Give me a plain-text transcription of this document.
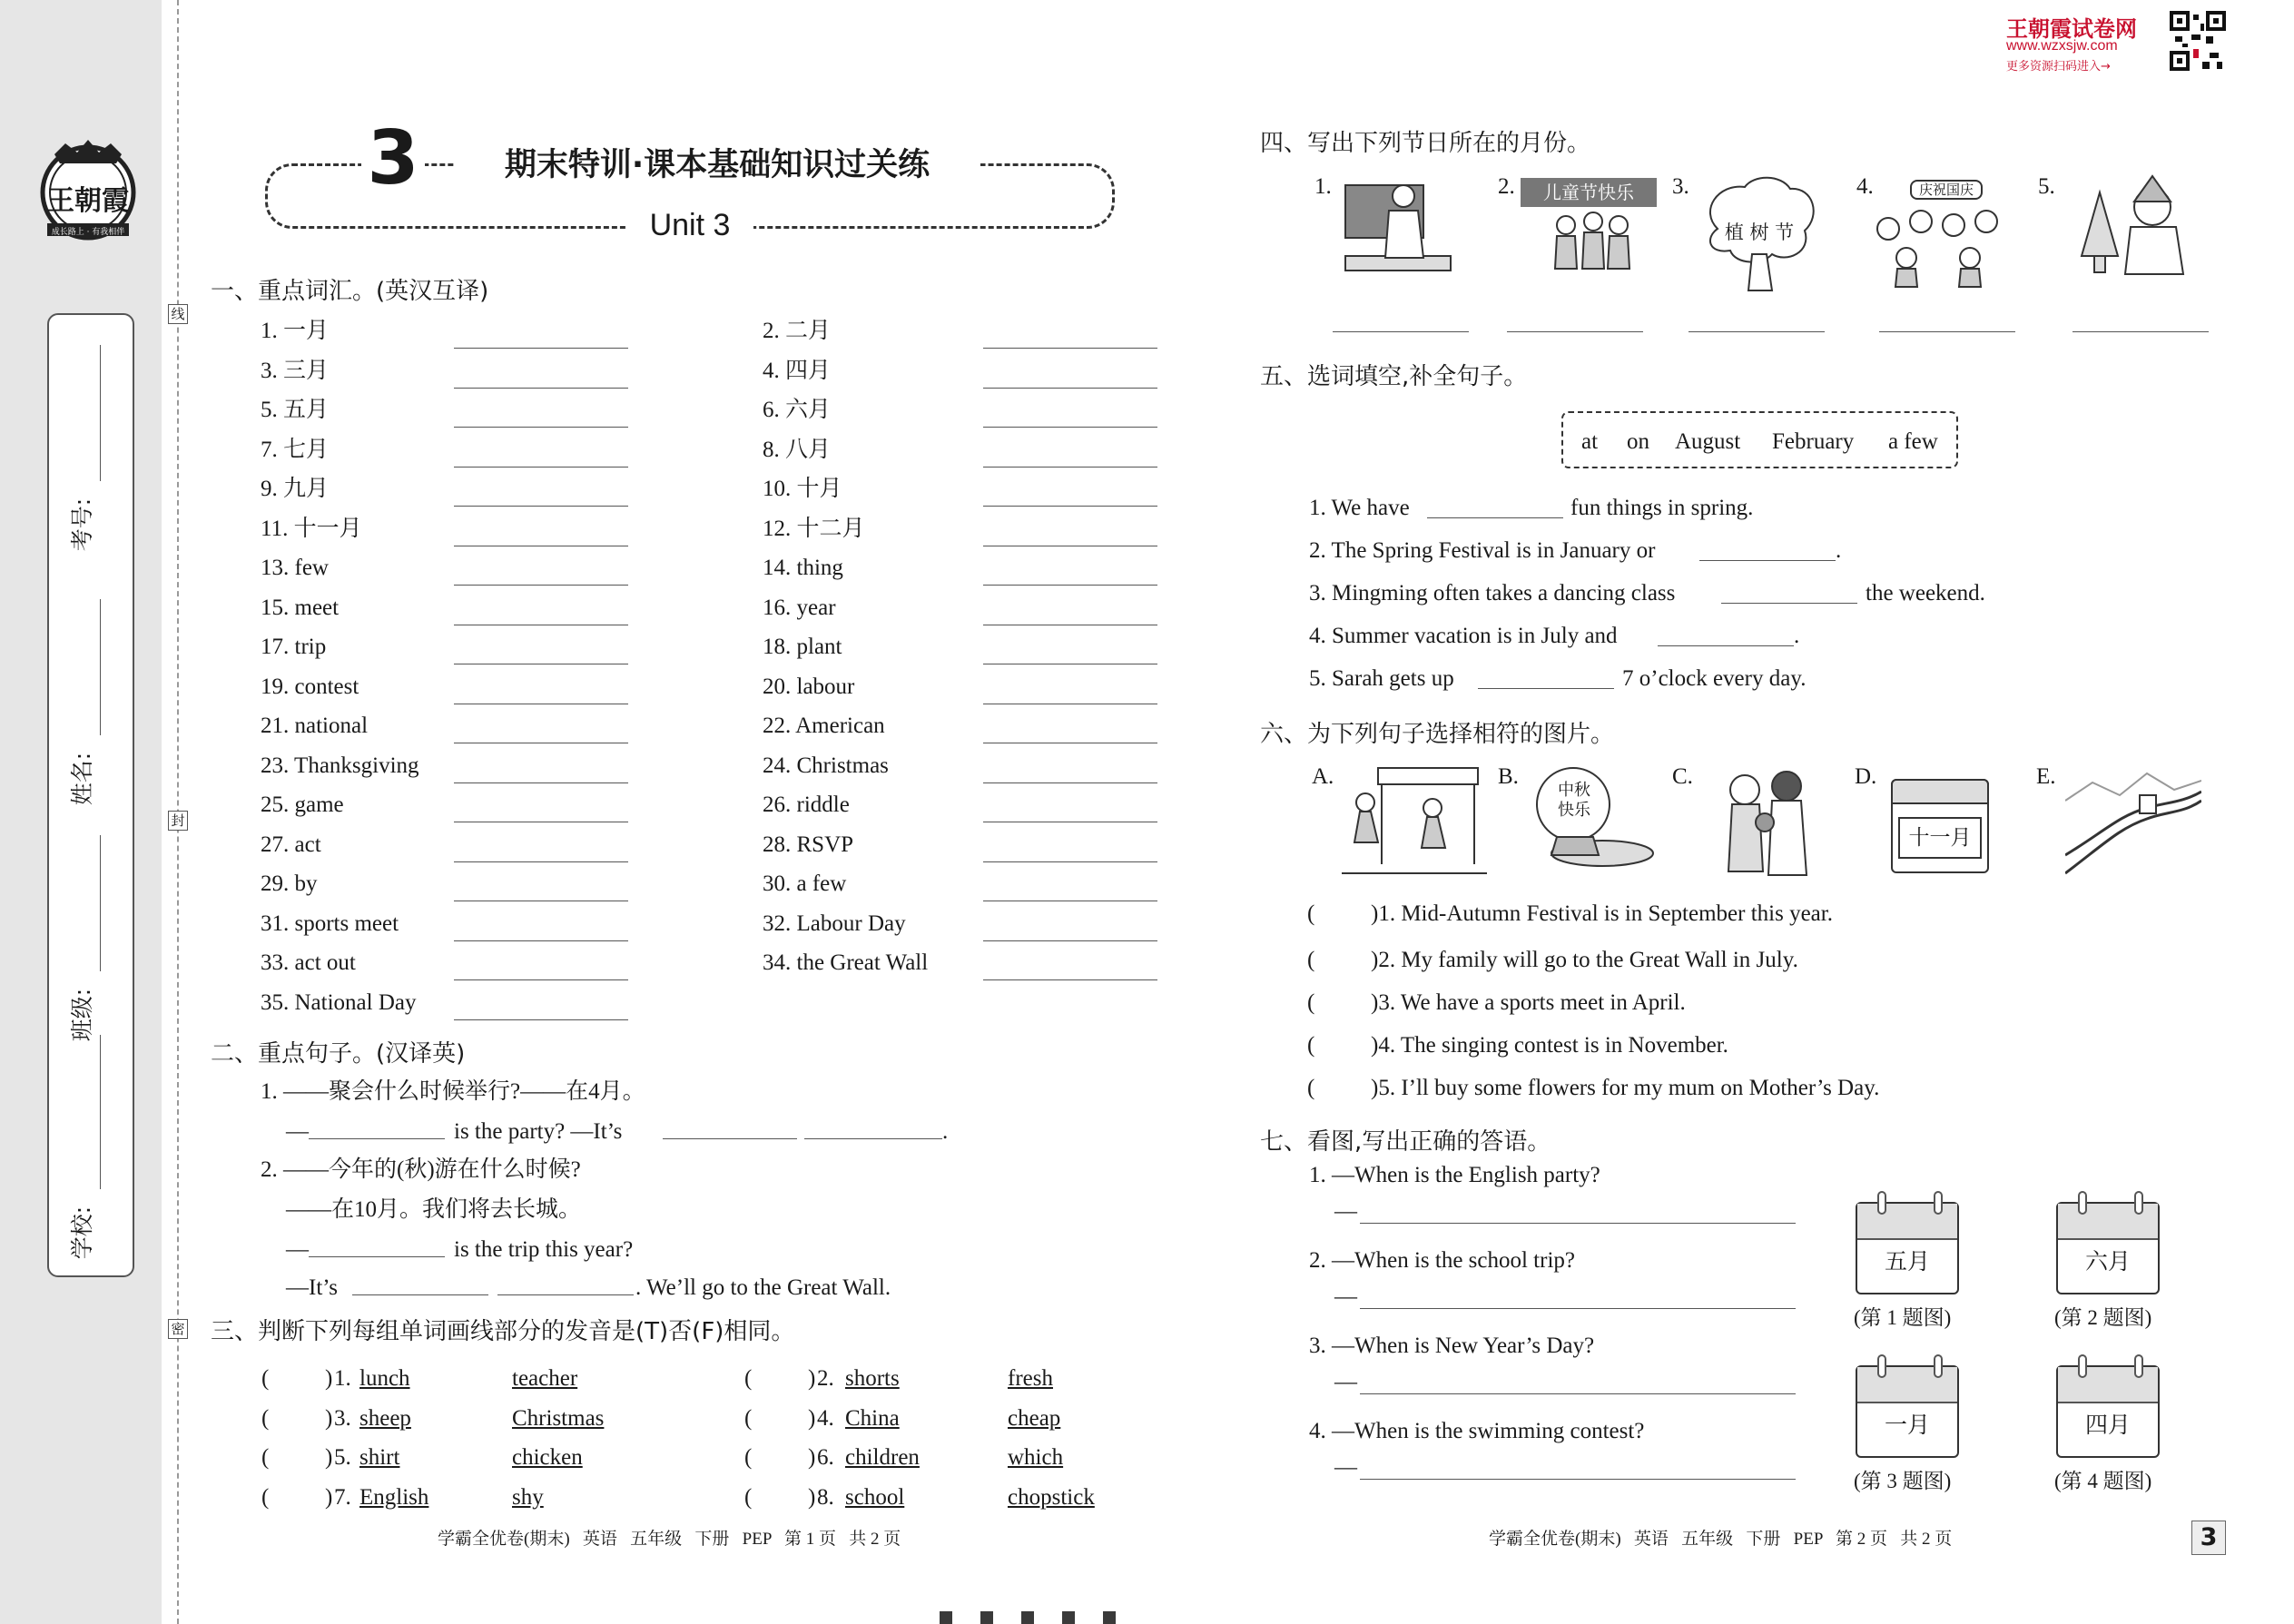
王朝霞
成长路上 · 有我相伴
考号:
姓名:
班级:
学校:
线
封
密
3	期末特训·课本基础知识过关练
Unit 3
一、重点词汇。(英汉互译)
1. 一月	2. 二月
3. 三月	4. 四月
5. 五月	6. 六月
7. 七月	8. 八月
9. 九月	10. 十月
11. 十一月	12. 十二月
13. few	14. thing
15. meet	16. year
17. trip	18. plant
19. contest	20. labour
21. national	22. American
23. Thanksgiving	24. Christmas
25. game	26. riddle
27. act	28. RSVP
29. by	30. a few
31. sports meet	32. Labour Day
33. act out	34. the Great Wall
35. National Day
二、重点句子。(汉译英)
1. ——聚会什么时候举行?——在4月。
—	is the party? —It’s	.
2. ——今年的(秋)游在什么时候?
——在10月。我们将去长城。
—	is the trip this year?
—It’s	. We’ll go to the Great Wall.
三、判断下列每组单词画线部分的发音是(T)否(F)相同。
( ) 1. lunch	teacher	( ) 2. shorts	fresh
( ) 3. sheep	Christmas	( ) 4. China	cheap
( ) 5. shirt	chicken	( ) 6. children	which
( ) 7. English	shy	( ) 8. school	chopstick
学霸全优卷(期末)   英语   五年级   下册   PEP   第 1 页   共 2 页
王朝霞试卷网
www.wzxsjw.com
更多资源扫码进入→
四、写出下列节日所在的月份。
1.	2.	3.	4.	5.
儿童节快乐
植 树 节
庆祝国庆
五、选词填空,补全句子。
at on August February a few
1. We have	fun things in spring.
2. The Spring Festival is in January or	.
3. Mingming often takes a dancing class	the weekend.
4. Summer vacation is in July and	.
5. Sarah gets up	7 o’clock every day.
六、为下列句子选择相符的图片。
A.	B.	C.	D.	E.
中秋
快乐
十一月
( )1. Mid-Autumn Festival is in September this year.
( )2. My family will go to the Great Wall in July.
( )3. We have a sports meet in April.
( )4. The singing contest is in November.
( )5. I’ll buy some flowers for my mum on Mother’s Day.
七、看图,写出正确的答语。
1. —When is the English party?
—
2. —When is the school trip?
—
3. —When is New Year’s Day?
—
4. —When is the swimming contest?
—
五月
(第 1 题图)
六月
(第 2 题图)
一月
(第 3 题图)
四月
(第 4 题图)
学霸全优卷(期末)   英语   五年级   下册   PEP   第 2 页   共 2 页	3
